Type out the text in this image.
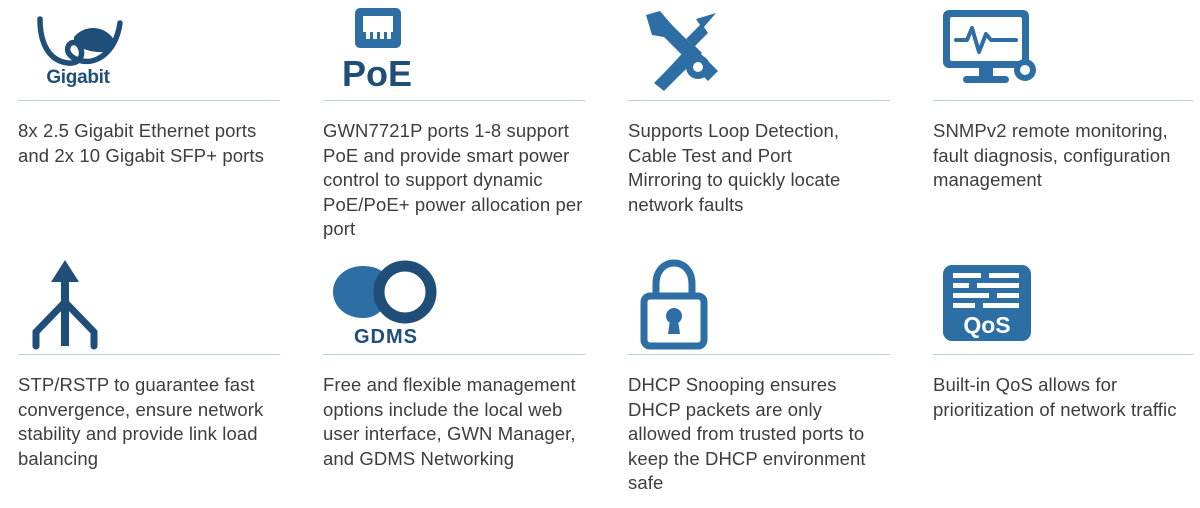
Gigabit
8x 2.5 Gigabit Ethernet ports and 2x 10 Gigabit SFP+ ports
PoE
GWN7721P ports 1-8 support PoE and provide smart power control to support dynamic PoE/PoE+ power allocation per port
Supports Loop Detection, Cable Test and Port Mirroring to quickly locate network faults
SNMPv2 remote monitoring, fault diagnosis, configuration management
STP/RSTP to guarantee fast convergence, ensure network stability and provide link load balancing
GDMS
Free and flexible management options include the local web user interface, GWN Manager, and GDMS Networking
DHCP Snooping ensures DHCP packets are only allowed from trusted ports to keep the DHCP environment safe
QoS
Built-in QoS allows for prioritization of network traffic
